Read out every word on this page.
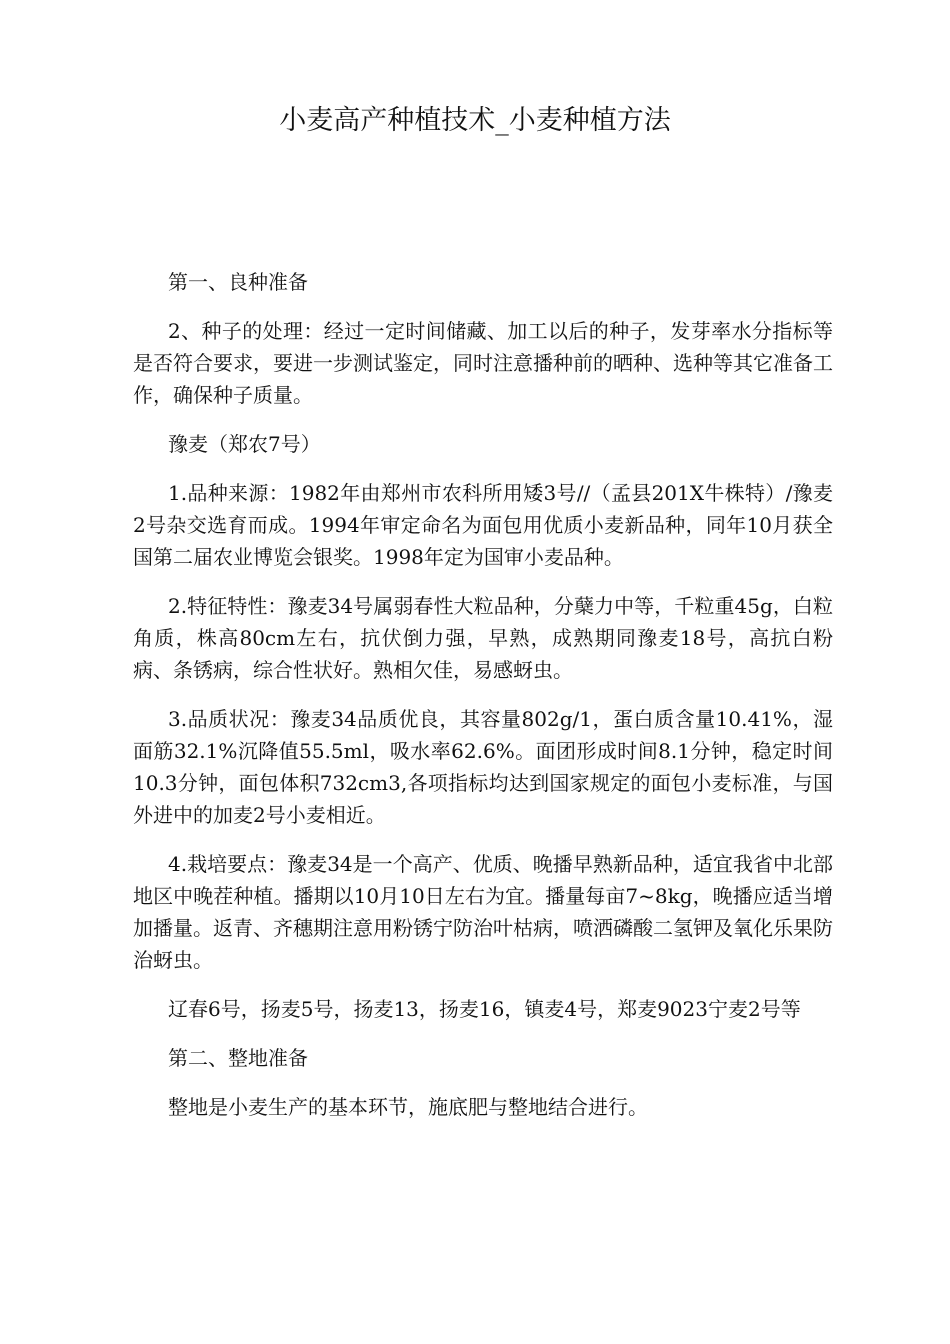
小麦高产种植技术_小麦种植方法

第一、良种准备

2、种子的处理：经过一定时间储藏、加工以后的种子，发芽率水分指标等是否符合要求，要进一步测试鉴定，同时注意播种前的晒种、选种等其它准备工作，确保种子质量。

豫麦（郑农7号）

1.品种来源：1982年由郑州市农科所用矮3号//（孟县201X牛株特）/豫麦2号杂交选育而成。1994年审定命名为面包用优质小麦新品种，同年10月获全国第二届农业博览会银奖。1998年定为国审小麦品种。

2.特征特性：豫麦34号属弱春性大粒品种，分蘖力中等，千粒重45g，白粒角质，株高80cm左右，抗伏倒力强，早熟，成熟期同豫麦18号，高抗白粉病、条锈病，综合性状好。熟相欠佳，易感蚜虫。

3.品质状况：豫麦34品质优良，其容量802g/1，蛋白质含量10.41%，湿面筋32.1%沉降值55.5ml，吸水率62.6%。面团形成时间8.1分钟，稳定时间10.3分钟，面包体积732cm3,各项指标均达到国家规定的面包小麦标准，与国外进中的加麦2号小麦相近。

4.栽培要点：豫麦34是一个高产、优质、晚播早熟新品种，适宜我省中北部地区中晚茬种植。播期以10月10日左右为宜。播量每亩7~8kg，晚播应适当增加播量。返青、齐穗期注意用粉锈宁防治叶枯病，喷洒磷酸二氢钾及氧化乐果防治蚜虫。

辽春6号，扬麦5号，扬麦13，扬麦16，镇麦4号，郑麦9023宁麦2号等

第二、整地准备

整地是小麦生产的基本环节，施底肥与整地结合进行。
